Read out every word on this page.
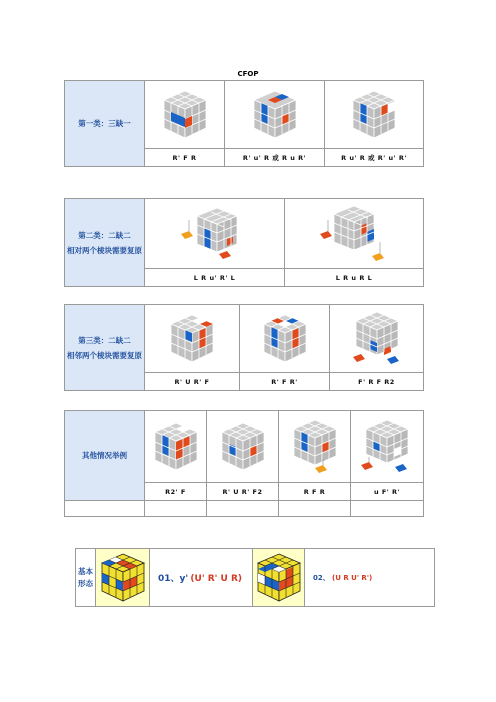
CFOP
第一类：三缺一	

	R' F R	R' u' R 或 R u R'	R u' R 或 R' u' R'
第二类：二缺二
相对两个棱块需要复原

	L R u' R' L	L R u R L
第三类：二缺二
相邻两个棱块需要复原

	R' U R' F	R' F R'	F' R F R2
其他情况举例	

	R2' F	R' U R' F2	R F R	u F' R'

基本形态		01、y' (U' R' U R)		02、 (U R U' R')
